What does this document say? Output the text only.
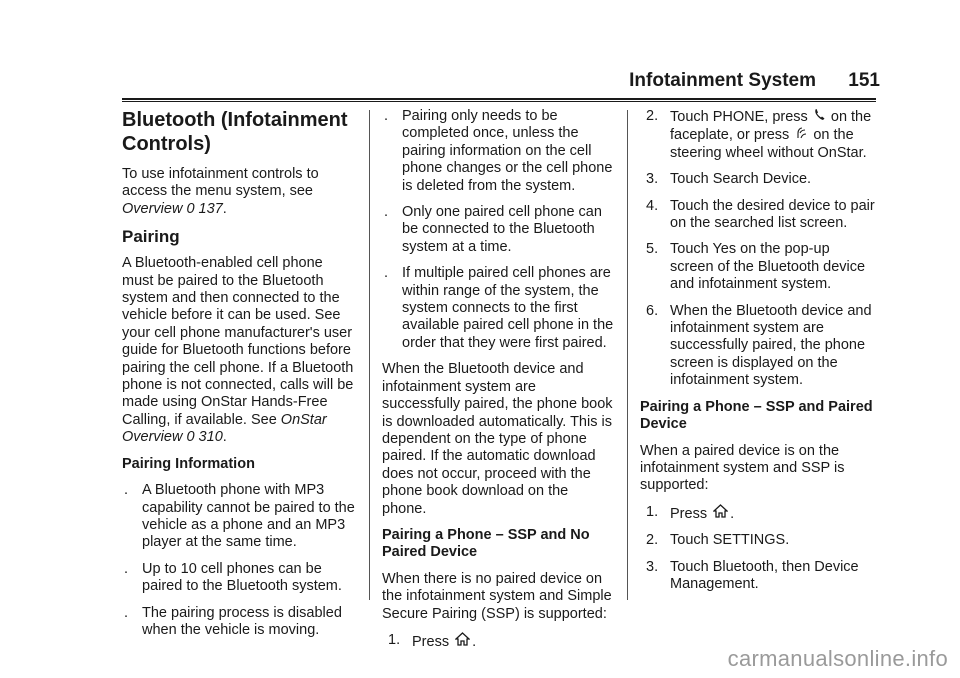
Infotainment System 151
Bluetooth (Infotainment Controls)

To use infotainment controls to access the menu system, see Overview 0 137.

Pairing

A Bluetooth-enabled cell phone must be paired to the Bluetooth system and then connected to the vehicle before it can be used. See your cell phone manufacturer's user guide for Bluetooth functions before pairing the cell phone. If a Bluetooth phone is not connected, calls will be made using OnStar Hands-Free Calling, if available. See OnStar Overview 0 310.

Pairing Information
. A Bluetooth phone with MP3 capability cannot be paired to the vehicle as a phone and an MP3 player at the same time.
. Up to 10 cell phones can be paired to the Bluetooth system.
. The pairing process is disabled when the vehicle is moving.
. Pairing only needs to be completed once, unless the pairing information on the cell phone changes or the cell phone is deleted from the system.
. Only one paired cell phone can be connected to the Bluetooth system at a time.
. If multiple paired cell phones are within range of the system, the system connects to the first available paired cell phone in the order that they were first paired.

When the Bluetooth device and infotainment system are successfully paired, the phone book is downloaded automatically. This is dependent on the type of phone paired. If the automatic download does not occur, proceed with the phone book download on the phone.

Pairing a Phone – SSP and No Paired Device

When there is no paired device on the infotainment system and Simple Secure Pairing (SSP) is supported:

1. Press .
2. Touch PHONE, press on the faceplate, or press on the steering wheel without OnStar.
3. Touch Search Device.
4. Touch the desired device to pair on the searched list screen.
5. Touch Yes on the pop-up screen of the Bluetooth device and infotainment system.
6. When the Bluetooth device and infotainment system are successfully paired, the phone screen is displayed on the infotainment system.
Pairing a Phone – SSP and Paired Device

When a paired device is on the infotainment system and SSP is supported:

1. Press .
2. Touch SETTINGS.
3. Touch Bluetooth, then Device Management.
carmanualsonline.info
